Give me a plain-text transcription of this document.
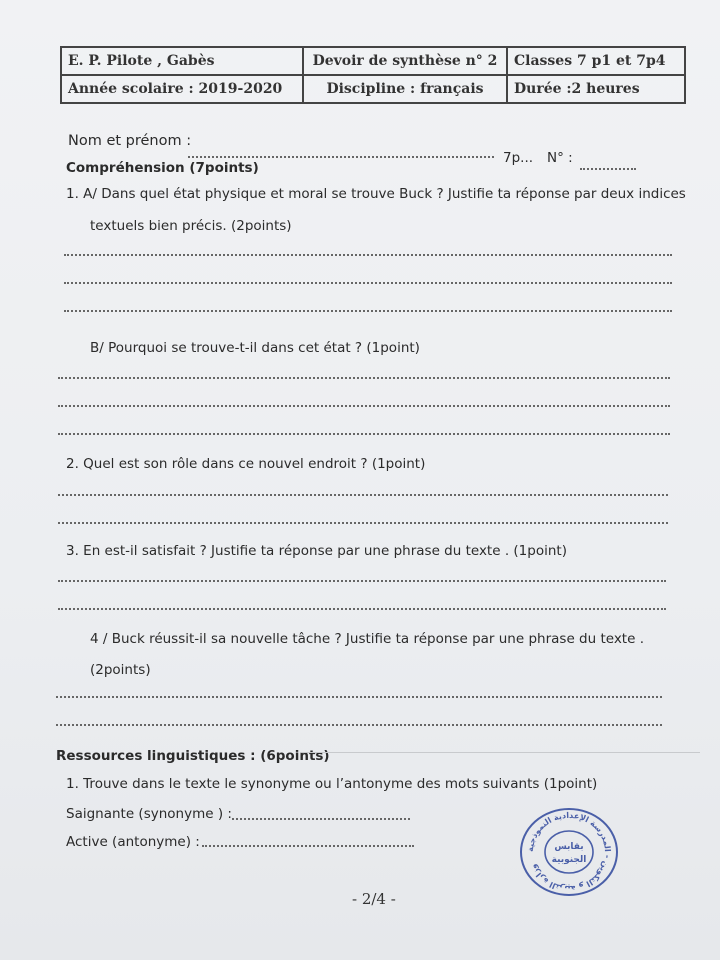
E. P. Pilote , Gabès	Devoir de synthèse n° 2	Classes 7 p1 et 7p4
Année scolaire : 2019-2020	Discipline : français	Durée :2 heures
Nom et prénom :
7p... N° :
Compréhension (7points)
1. A/ Dans quel état physique et moral se trouve Buck ? Justifie ta réponse par deux indices
textuels bien précis. (2points)
B/ Pourquoi se trouve-t-il dans cet état ? (1point)
2. Quel est son rôle dans ce nouvel endroit ? (1point)
3. En est-il satisfait ? Justifie ta réponse par une phrase du texte . (1point)
4 / Buck réussit-il sa nouvelle tâche ? Justifie ta réponse par une phrase du texte .
(2points)
Ressources linguistiques : (6points)
1. Trouve dans le texte le synonyme ou l’antonyme des mots suivants (1point)
Saignante (synonyme ) :
Active (antonyme) :	وزارة التربية و التكوين - المدرسة الإعدادية النموذجية
بقابس
الجنوبية
- 2/4 -
